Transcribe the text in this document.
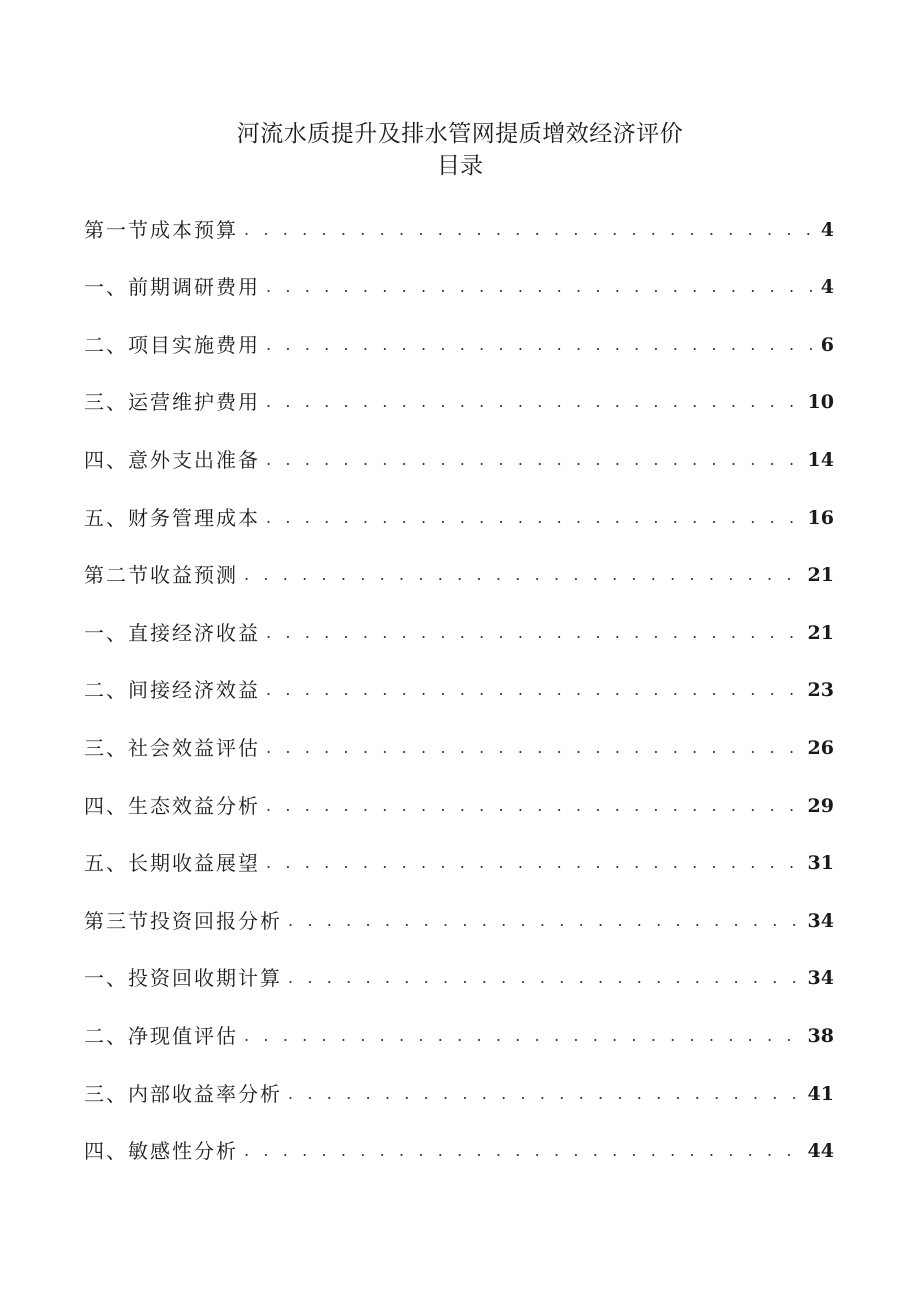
河流水质提升及排水管网提质增效经济评价
目录
第一节成本预算 . . .	4
一、前期调研费用 . . .	4
二、项目实施费用 . . .	6
三、运营维护费用 . . .	10
四、意外支出准备 . . .	14
五、财务管理成本 . . .	16
第二节收益预测 . . .	21
一、直接经济收益 . . .	21
二、间接经济效益 . . .	23
三、社会效益评估 . . .	26
四、生态效益分析 . . .	29
五、长期收益展望 . . .	31
第三节投资回报分析 . . .	34
一、投资回收期计算 . . .	34
二、净现值评估 . . .	38
三、内部收益率分析 . . .	41
四、敏感性分析 . . .	44
